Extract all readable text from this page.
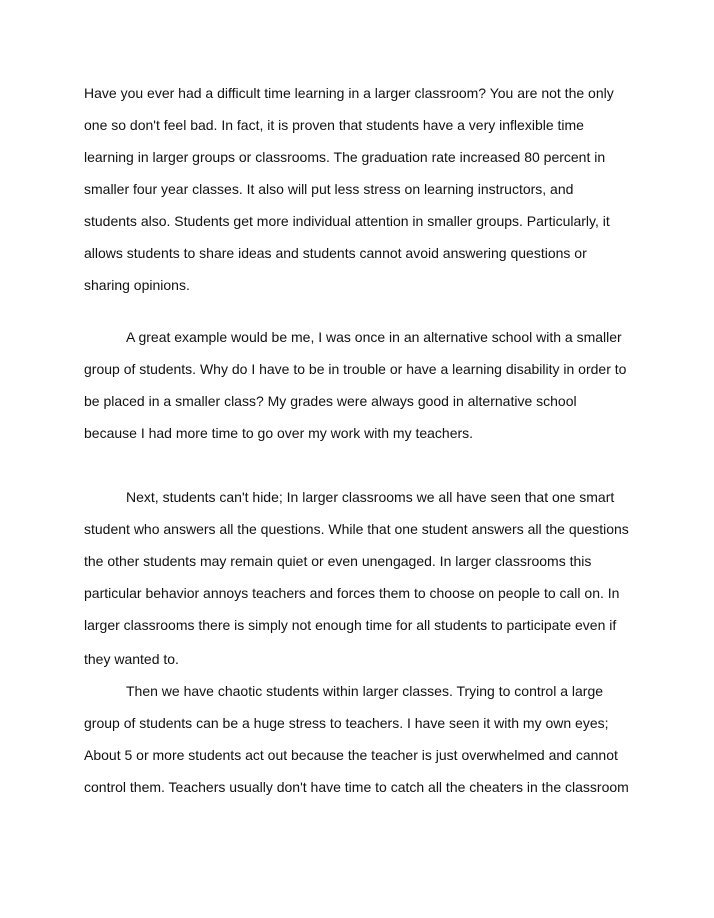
Have you ever had a difficult time learning in a larger classroom? You are not the only
one so don't feel bad. In fact, it is proven that students have a very inflexible time
learning in larger groups or classrooms. The graduation rate increased 80 percent in
smaller four year classes. It also will put less stress on learning instructors, and
students also. Students get more individual attention in smaller groups. Particularly, it
allows students to share ideas and students cannot avoid answering questions or
sharing opinions.
A great example would be me, I was once in an alternative school with a smaller
group of students. Why do I have to be in trouble or have a learning disability in order to
be placed in a smaller class? My grades were always good in alternative school
because I had more time to go over my work with my teachers.
Next, students can't hide; In larger classrooms we all have seen that one smart
student who answers all the questions. While that one student answers all the questions
the other students may remain quiet or even unengaged. In larger classrooms this
particular behavior annoys teachers and forces them to choose on people to call on. In
larger classrooms there is simply not enough time for all students to participate even if
they wanted to.
Then we have chaotic students within larger classes. Trying to control a large
group of students can be a huge stress to teachers. I have seen it with my own eyes;
About 5 or more students act out because the teacher is just overwhelmed and cannot
control them. Teachers usually don't have time to catch all the cheaters in the classroom
